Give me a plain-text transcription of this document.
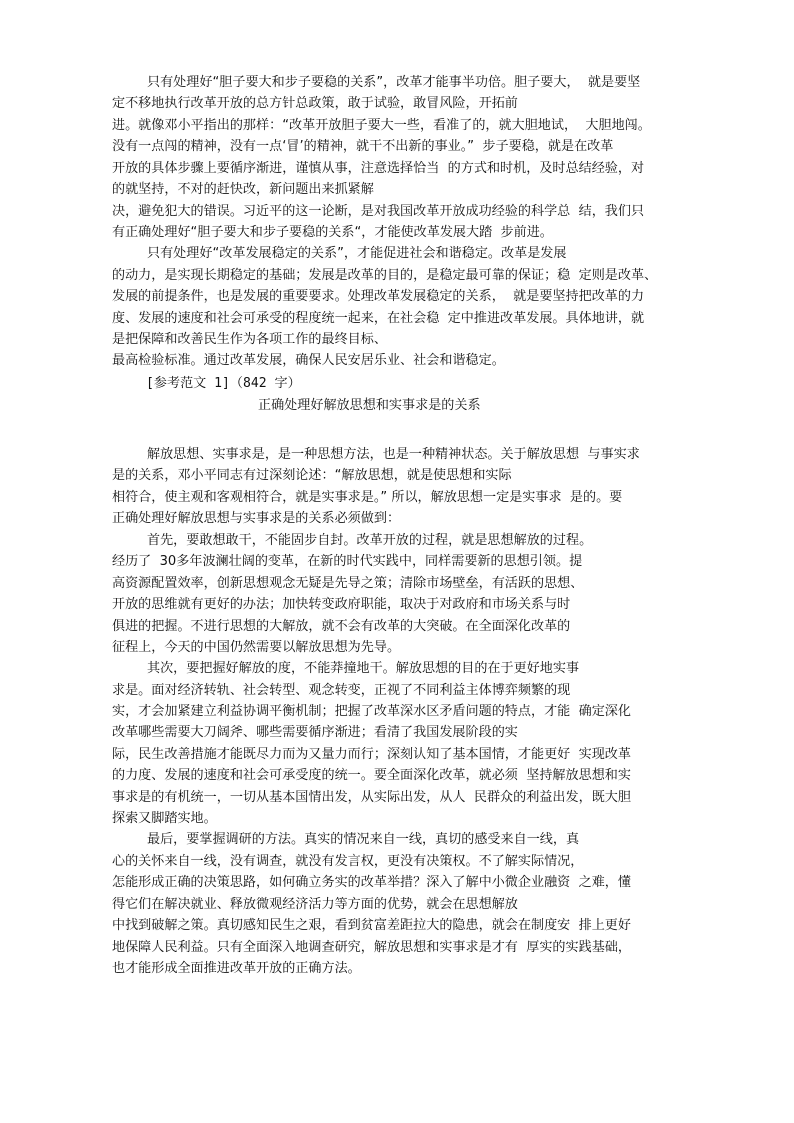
只有处理好“胆子要大和步子要稳的关系”，改革才能事半功倍。胆子要大，  就是要坚
定不移地执行改革开放的总方针总政策，敢于试验，敢冒风险，开拓前
进。就像邓小平指出的那样：“改革开放胆子要大一些，看准了的，就大胆地试，  大胆地闯。
没有一点闯的精神，没有一点‘冒’的精神，就干不出新的事业。”  步子要稳，就是在改革
开放的具体步骤上要循序渐进，谨慎从事，注意选择恰当  的方式和时机，及时总结经验，对
的就坚持，不对的赶快改，新问题出来抓紧解
决，避免犯大的错误。习近平的这一论断，是对我国改革开放成功经验的科学总  结，我们只
有正确处理好“胆子要大和步子要稳的关系“，才能使改革发展大踏  步前进。
只有处理好“改革发展稳定的关系”，才能促进社会和谐稳定。改革是发展
的动力，是实现长期稳定的基础；发展是改革的目的，是稳定最可靠的保证；稳  定则是改革、
发展的前提条件，也是发展的重要要求。处理改革发展稳定的关系，  就是要坚持把改革的力
度、发展的速度和社会可承受的程度统一起来，在社会稳  定中推进改革发展。具体地讲，就
是把保障和改善民生作为各项工作的最终目标、
最高检验标准。通过改革发展，确保人民安居乐业、社会和谐稳定。
[参考范文 1]（842 字）
正确处理好解放思想和实事求是的关系
解放思想、实事求是，是一种思想方法，也是一种精神状态。关于解放思想  与事实求
是的关系，邓小平同志有过深刻论述：“解放思想，就是使思想和实际
相符合，使主观和客观相符合，就是实事求是。” 所以，解放思想一定是实事求  是的。要
正确处理好解放思想与实事求是的关系必须做到：
首先，要敢想敢干，不能固步自封。改革开放的过程，就是思想解放的过程。
经历了  30多年波澜壮阔的变革，在新的时代实践中，同样需要新的思想引领。提
高资源配置效率，创新思想观念无疑是先导之策；清除市场壁垒，有活跃的思想、
开放的思维就有更好的办法；加快转变政府职能，取决于对政府和市场关系与时
俱进的把握。不进行思想的大解放，就不会有改革的大突破。在全面深化改革的
征程上，今天的中国仍然需要以解放思想为先导。
其次，要把握好解放的度，不能莽撞地干。解放思想的目的在于更好地实事
求是。面对经济转轨、社会转型、观念转变，正视了不同利益主体博弈频繁的现
实，才会加紧建立利益协调平衡机制；把握了改革深水区矛盾问题的特点，才能  确定深化
改革哪些需要大刀阔斧、哪些需要循序渐进；看清了我国发展阶段的实
际，民生改善措施才能既尽力而为又量力而行；深刻认知了基本国情，才能更好  实现改革
的力度、发展的速度和社会可承受度的统一。要全面深化改革，就必须  坚持解放思想和实
事求是的有机统一，一切从基本国情出发，从实际出发，从人  民群众的利益出发，既大胆
探索又脚踏实地。
最后，要掌握调研的方法。真实的情况来自一线，真切的感受来自一线，真
心的关怀来自一线，没有调查，就没有发言权，更没有决策权。不了解实际情况，
怎能形成正确的决策思路，如何确立务实的改革举措？深入了解中小微企业融资  之难，懂
得它们在解决就业、释放微观经济活力等方面的优势，就会在思想解放
中找到破解之策。真切感知民生之艰，看到贫富差距拉大的隐患，就会在制度安  排上更好
地保障人民利益。只有全面深入地调查研究，解放思想和实事求是才有  厚实的实践基础，
也才能形成全面推进改革开放的正确方法。
